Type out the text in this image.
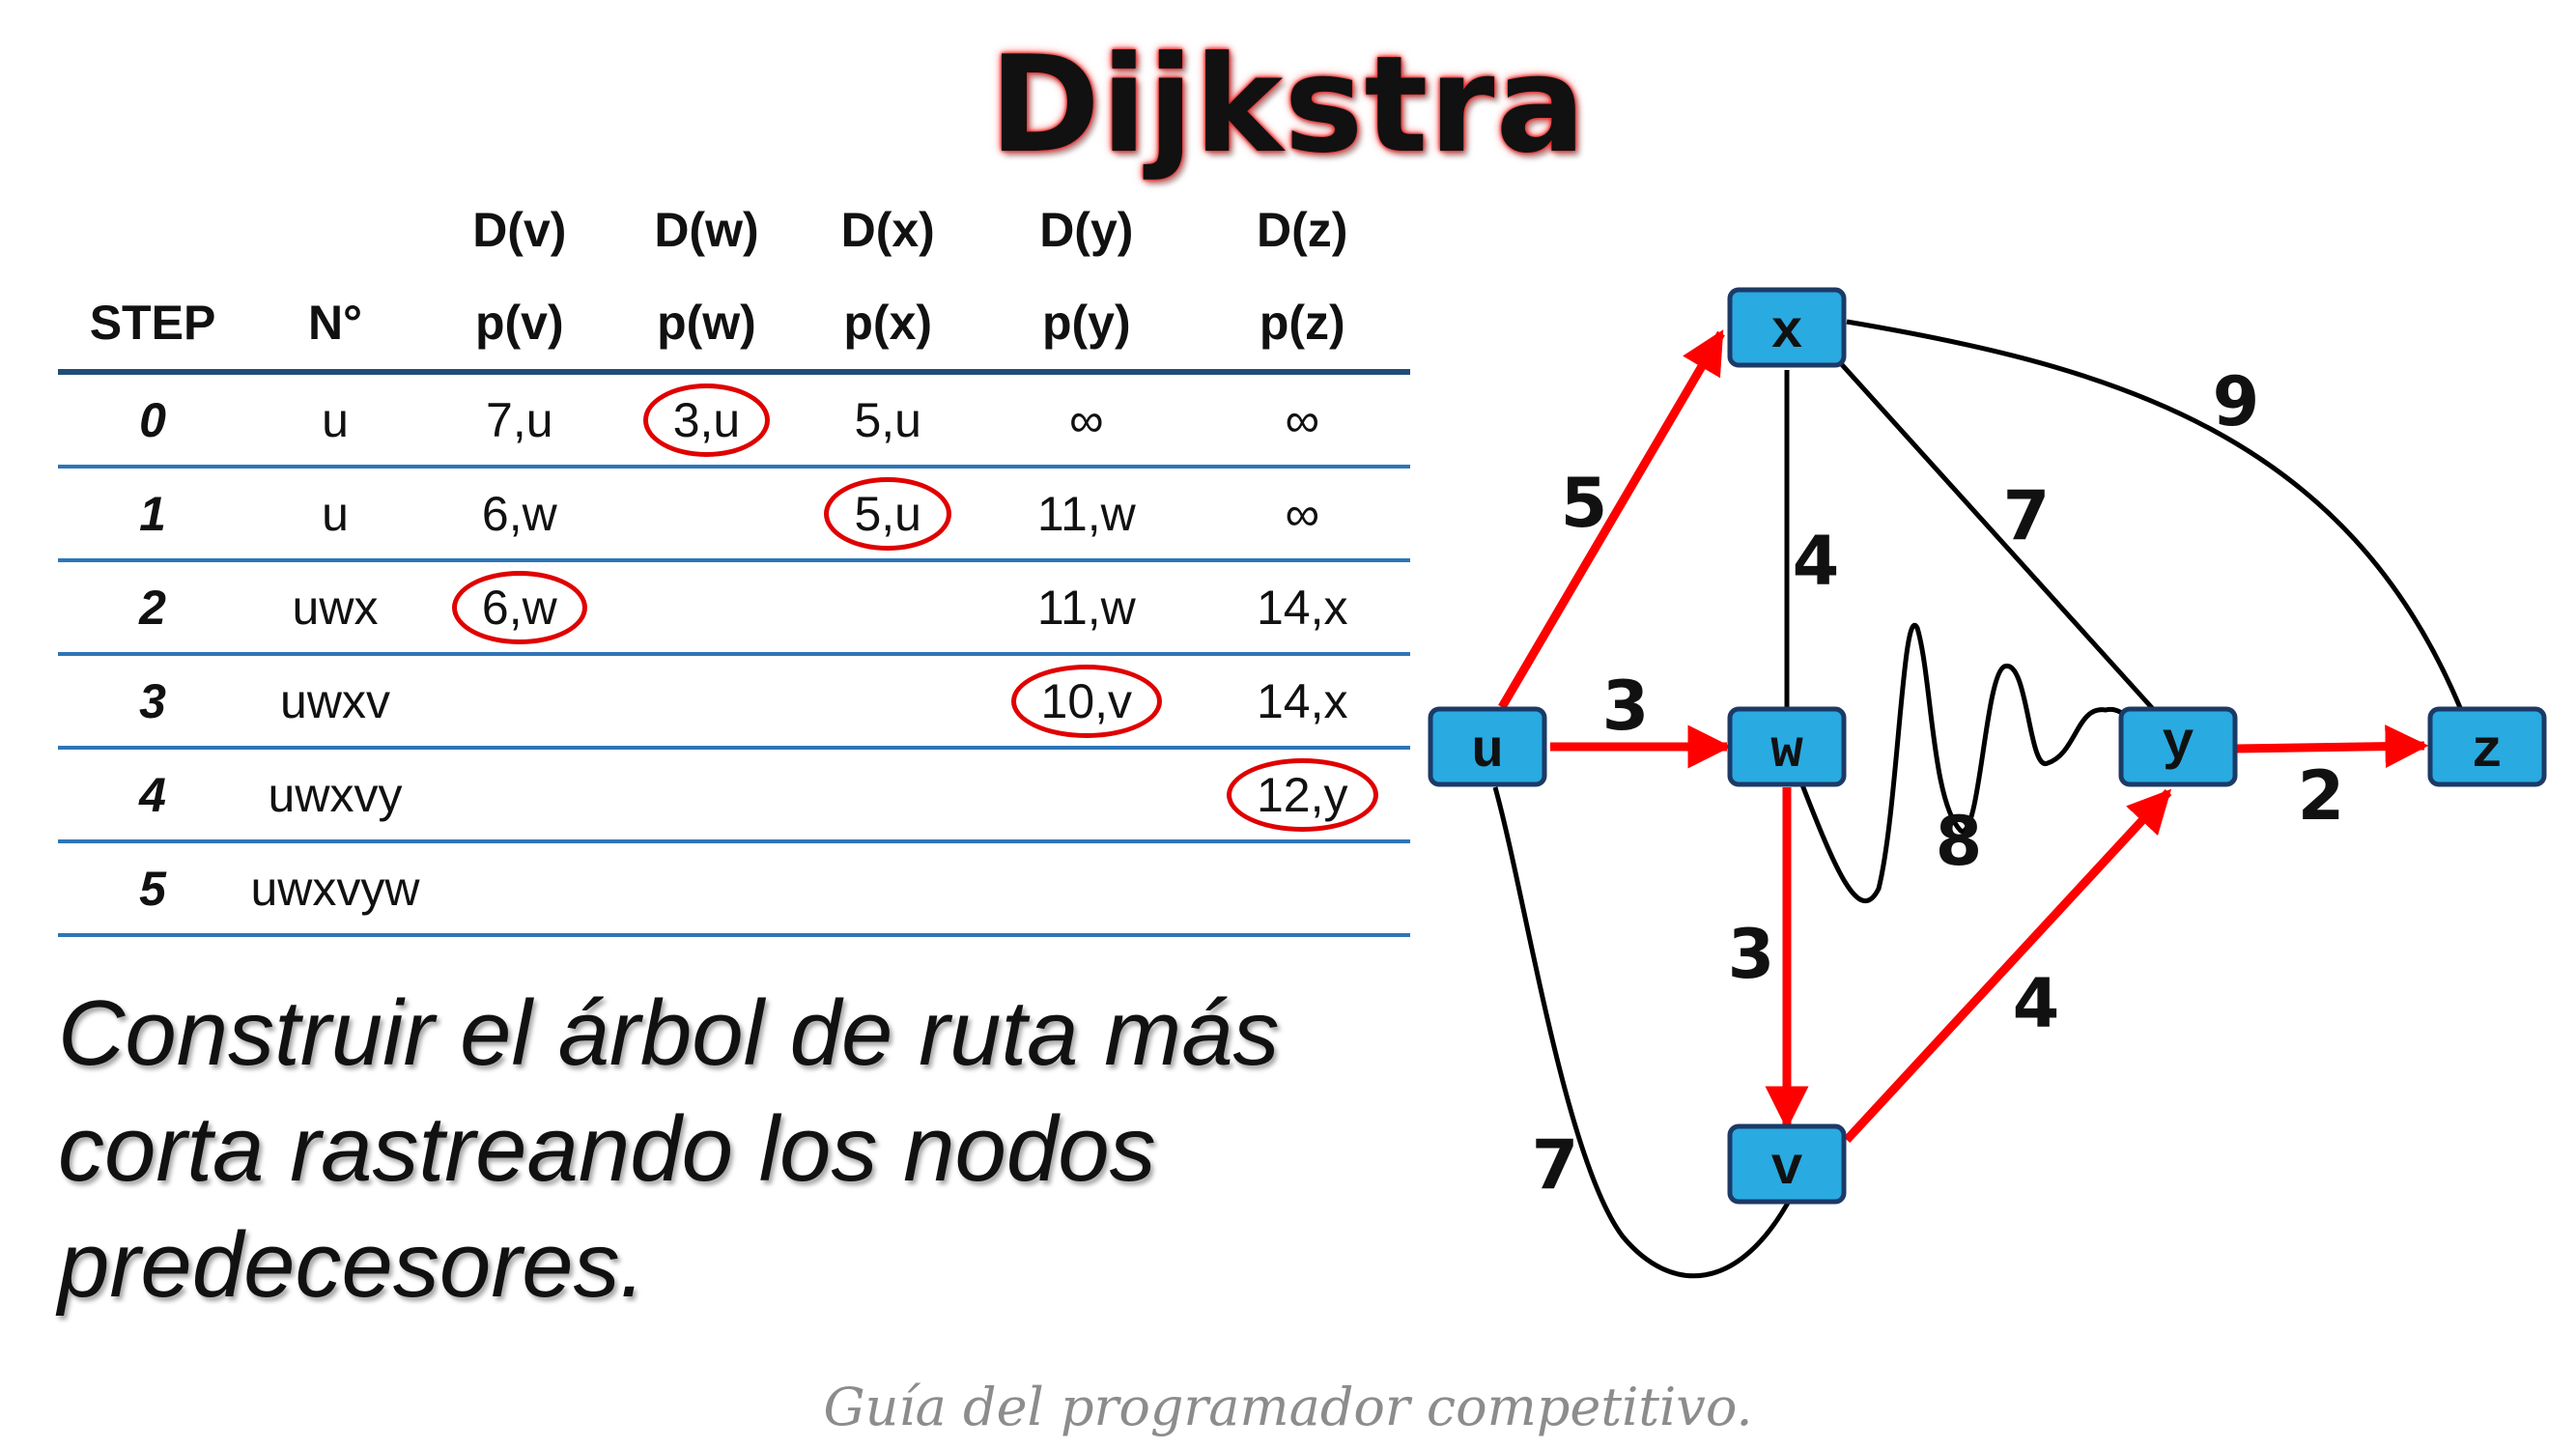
Dijkstra
		D(v)	D(w)	D(x)	D(y)	D(z)
STEP	N°	p(v)	p(w)	p(x)	p(y)	p(z)
0	u	7,u	3,u	5,u	∞	∞
1	u	6,w		5,u	11,w	∞
2	uwx	6,w			11,w	14,x
3	uwxv				10,v	14,x
4	uwxvy					12,y
5	uwxvyw					
Construir el árbol de ruta más corta rastreando los nodos predecesores.
Guía del programador competitivo.
5
3
4
7
9
8
3
4
2
7
u	w
x
y	z
v
